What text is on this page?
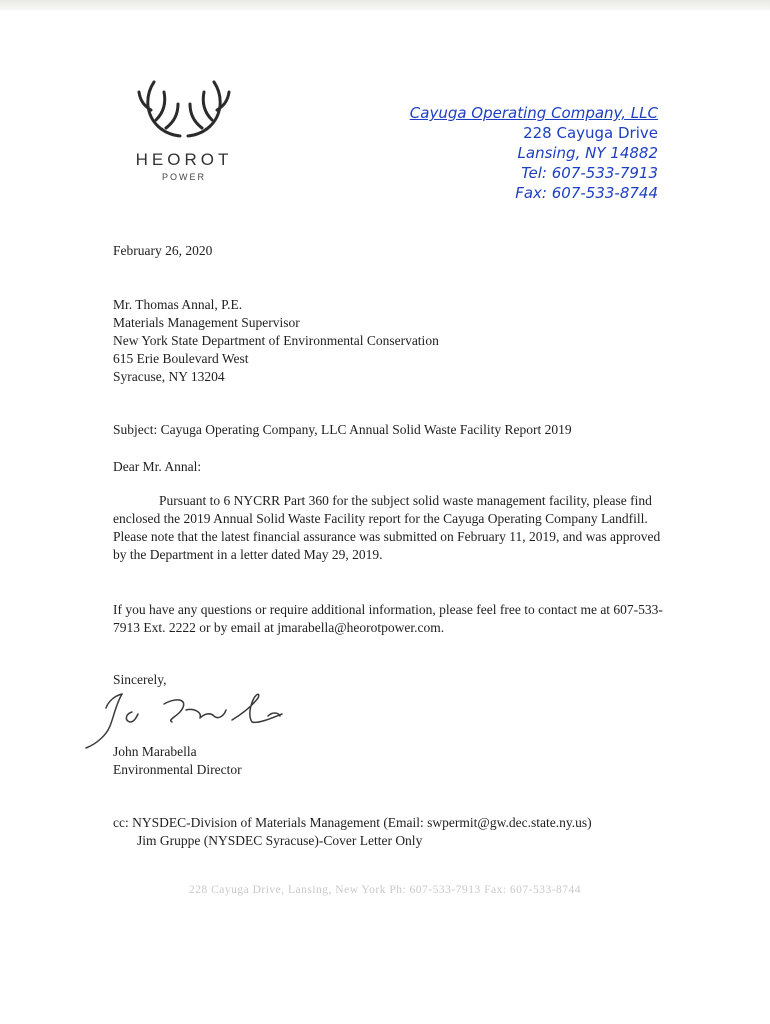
HEOROT
POWER
Cayuga Operating Company, LLC
228 Cayuga Drive
Lansing, NY 14882
Tel: 607-533-7913
Fax: 607-533-8744
February 26, 2020
Mr. Thomas Annal, P.E.
Materials Management Supervisor
New York State Department of Environmental Conservation
615 Erie Boulevard West
Syracuse, NY 13204
Subject: Cayuga Operating Company, LLC Annual Solid Waste Facility Report 2019
Dear Mr. Annal:

Pursuant to 6 NYCRR Part 360 for the subject solid waste management facility, please find enclosed the 2019 Annual Solid Waste Facility report for the Cayuga Operating Company Landfill. Please note that the latest financial assurance was submitted on February 11, 2019, and was approved by the Department in a letter dated May 29, 2019.

If you have any questions or require additional information, please feel free to contact me at 607-533-7913 Ext. 2222 or by email at jmarabella@heorotpower.com.

Sincerely,
John Marabella
Environmental Director
cc: NYSDEC-Division of Materials Management (Email: swpermit@gw.dec.state.ny.us)
Jim Gruppe (NYSDEC Syracuse)-Cover Letter Only
228 Cayuga Drive, Lansing, New York Ph: 607-533-7913 Fax: 607-533-8744
